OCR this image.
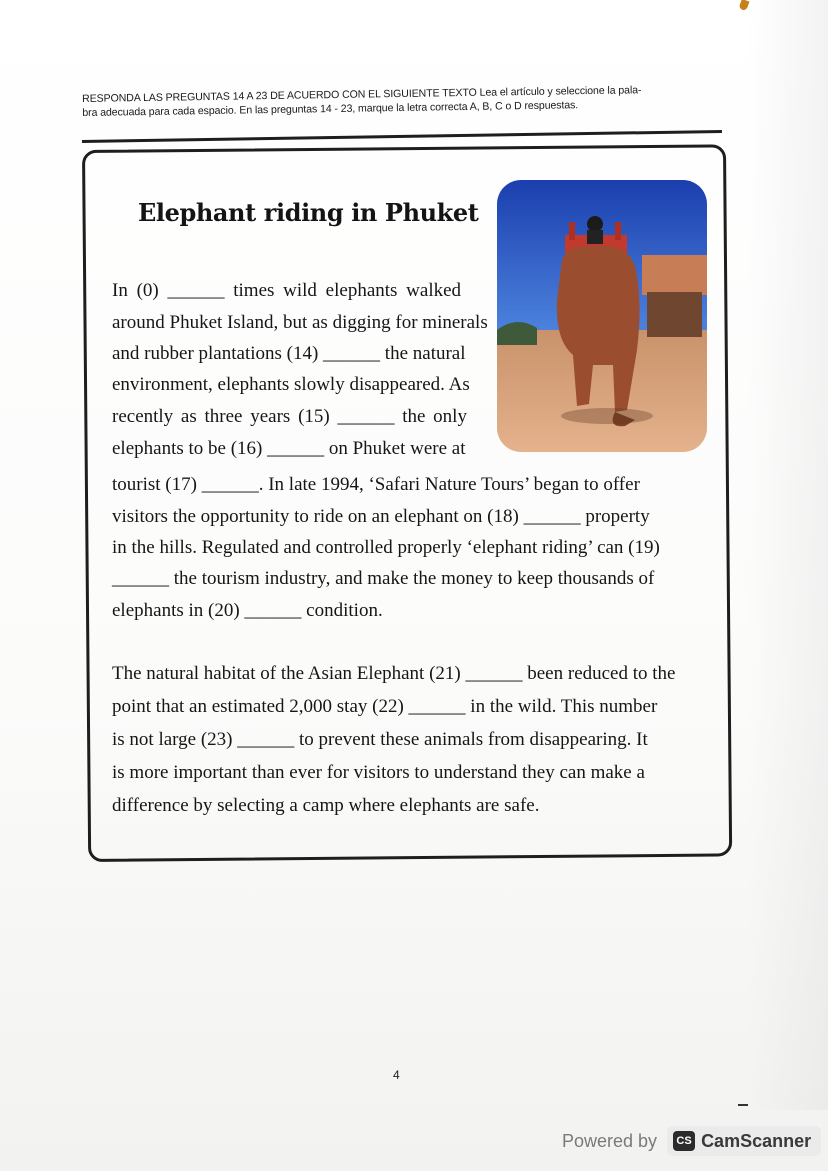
RESPONDA LAS PREGUNTAS 14 A 23 DE ACUERDO CON EL SIGUIENTE TEXTO Lea el artículo y seleccione la pala-
bra adecuada para cada espacio. En las preguntas 14 - 23, marque la letra correcta A, B, C o D respuestas.
Elephant riding in Phuket
In (0) ______ times wild elephants walked
around Phuket Island, but as digging for minerals
and rubber plantations (14) ______ the natural
environment, elephants slowly disappeared. As
recently as three years (15) ______ the only
elephants to be (16) ______ on Phuket were at
tourist (17) ______. In late 1994, ‘Safari Nature Tours’ began to offer
visitors the opportunity to ride on an elephant on (18) ______ property
in the hills. Regulated and controlled properly ‘elephant riding’ can (19)
______ the tourism industry, and make the money to keep thousands of
elephants in (20) ______ condition.
The natural habitat of the Asian Elephant (21) ______ been reduced to the
point that an estimated 2,000 stay (22) ______ in the wild. This number
is not large (23) ______ to prevent these animals from disappearing. It
is more important than ever for visitors to understand they can make a
difference by selecting a camp where elephants are safe.
4
Powered by	CS CamScanner
